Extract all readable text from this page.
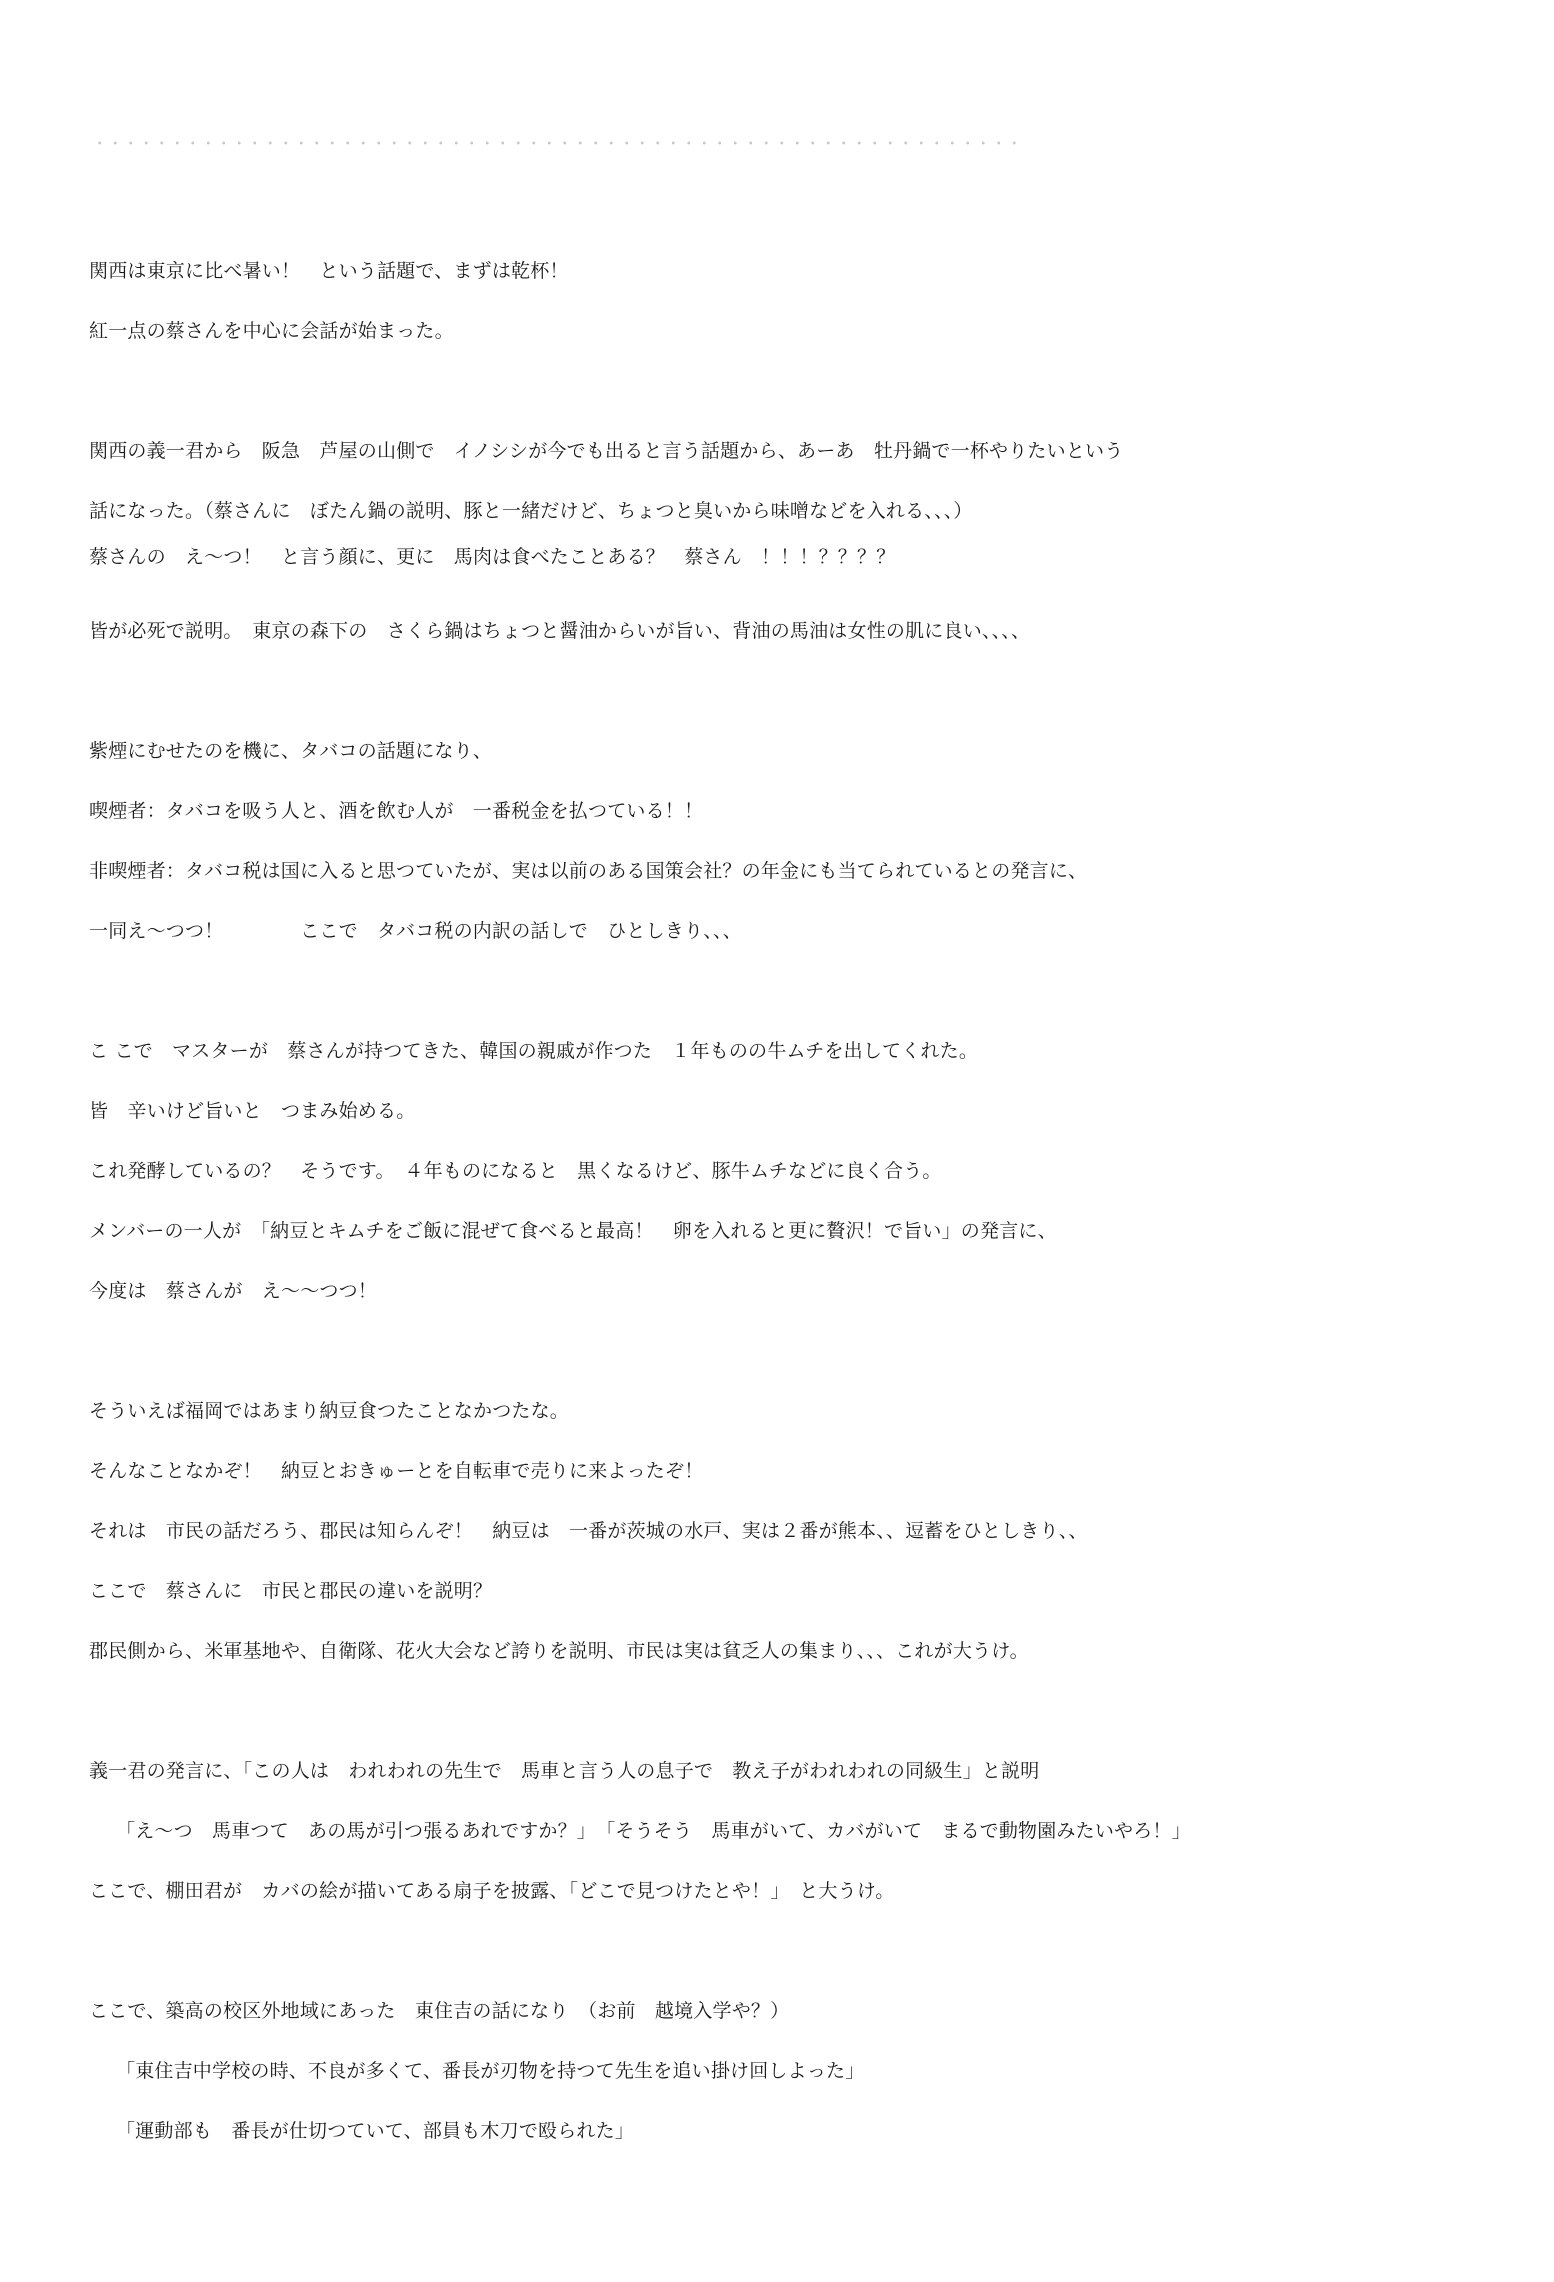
関西は東京に比べ暑い！　という話題で、まずは乾杯！
紅一点の蔡さんを中心に会話が始まった。
関西の義一君から　阪急　芦屋の山側で　イノシシが今でも出ると言う話題から、あーあ　牡丹鍋で一杯やりたいという
話になった。（蔡さんに　ぼたん鍋の説明、豚と一緒だけど、ちょつと臭いから味噌などを入れる、、、）
蔡さんの　え～つ！　と言う顔に、更に　馬肉は食べたことある？　蔡さん　！！！？？？？
皆が必死で説明。　東京の森下の　さくら鍋はちょつと醤油からいが旨い、背油の馬油は女性の肌に良い、、、、
紫煙にむせたのを機に、タバコの話題になり、
喫煙者：タバコを吸う人と、酒を飲む人が　一番税金を払つている！！
非喫煙者：タバコ税は国に入ると思つていたが、実は以前のある国策会社？の年金にも当てられているとの発言に、
一同え～つつ！　　　　ここで　タバコ税の内訳の話しで　ひとしきり、、、
こ こで　マスターが　蔡さんが持つてきた、韓国の親戚が作つた　１年ものの牛ムチを出してくれた。
皆　辛いけど旨いと　つまみ始める。
これ発酵しているの？　そうです。　４年ものになると　黒くなるけど、豚牛ムチなどに良く合う。
メンバーの一人が　「納豆とキムチをご飯に混ぜて食べると最高！　卵を入れると更に贅沢！で旨い」の発言に、
今度は　蔡さんが　え～～つつ！
そういえば福岡ではあまり納豆食つたことなかつたな。
そんなことなかぞ！　納豆とおきゅーとを自転車で売りに来よったぞ！
それは　市民の話だろう、郡民は知らんぞ！　納豆は　一番が茨城の水戸、実は２番が熊本、、逗蓄をひとしきり、、
ここで　蔡さんに　市民と郡民の違いを説明？
郡民側から、米軍基地や、自衛隊、花火大会など誇りを説明、市民は実は貧乏人の集まり、、、これが大うけ。
義一君の発言に、「この人は　われわれの先生で　馬車と言う人の息子で　教え子がわれわれの同級生」と説明
「え～つ　馬車つて　あの馬が引つ張るあれですか？」　「そうそう　馬車がいて、カバがいて　まるで動物園みたいやろ！」
ここで、棚田君が　カバの絵が描いてある扇子を披露、「どこで見つけたとや！」　と大うけ。
ここで、築高の校区外地域にあった　東住吉の話になり　（お前　越境入学や？）
「東住吉中学校の時、不良が多くて、番長が刃物を持つて先生を追い掛け回しよった」
「運動部も　番長が仕切つていて、部員も木刀で殴られた」
